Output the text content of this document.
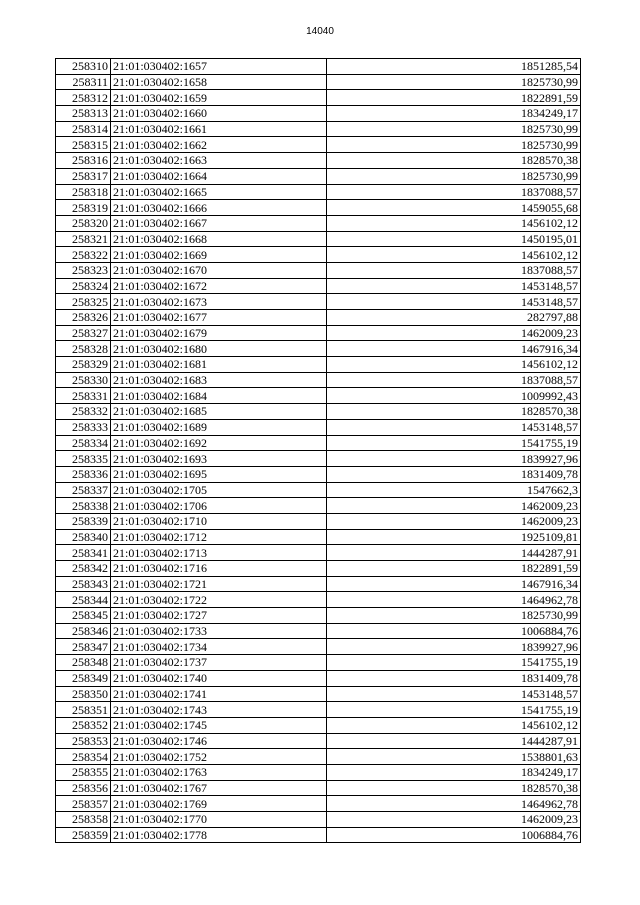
14040
258310	21:01:030402:1657	1851285,54
258311	21:01:030402:1658	1825730,99
258312	21:01:030402:1659	1822891,59
258313	21:01:030402:1660	1834249,17
258314	21:01:030402:1661	1825730,99
258315	21:01:030402:1662	1825730,99
258316	21:01:030402:1663	1828570,38
258317	21:01:030402:1664	1825730,99
258318	21:01:030402:1665	1837088,57
258319	21:01:030402:1666	1459055,68
258320	21:01:030402:1667	1456102,12
258321	21:01:030402:1668	1450195,01
258322	21:01:030402:1669	1456102,12
258323	21:01:030402:1670	1837088,57
258324	21:01:030402:1672	1453148,57
258325	21:01:030402:1673	1453148,57
258326	21:01:030402:1677	282797,88
258327	21:01:030402:1679	1462009,23
258328	21:01:030402:1680	1467916,34
258329	21:01:030402:1681	1456102,12
258330	21:01:030402:1683	1837088,57
258331	21:01:030402:1684	1009992,43
258332	21:01:030402:1685	1828570,38
258333	21:01:030402:1689	1453148,57
258334	21:01:030402:1692	1541755,19
258335	21:01:030402:1693	1839927,96
258336	21:01:030402:1695	1831409,78
258337	21:01:030402:1705	1547662,3
258338	21:01:030402:1706	1462009,23
258339	21:01:030402:1710	1462009,23
258340	21:01:030402:1712	1925109,81
258341	21:01:030402:1713	1444287,91
258342	21:01:030402:1716	1822891,59
258343	21:01:030402:1721	1467916,34
258344	21:01:030402:1722	1464962,78
258345	21:01:030402:1727	1825730,99
258346	21:01:030402:1733	1006884,76
258347	21:01:030402:1734	1839927,96
258348	21:01:030402:1737	1541755,19
258349	21:01:030402:1740	1831409,78
258350	21:01:030402:1741	1453148,57
258351	21:01:030402:1743	1541755,19
258352	21:01:030402:1745	1456102,12
258353	21:01:030402:1746	1444287,91
258354	21:01:030402:1752	1538801,63
258355	21:01:030402:1763	1834249,17
258356	21:01:030402:1767	1828570,38
258357	21:01:030402:1769	1464962,78
258358	21:01:030402:1770	1462009,23
258359	21:01:030402:1778	1006884,76
